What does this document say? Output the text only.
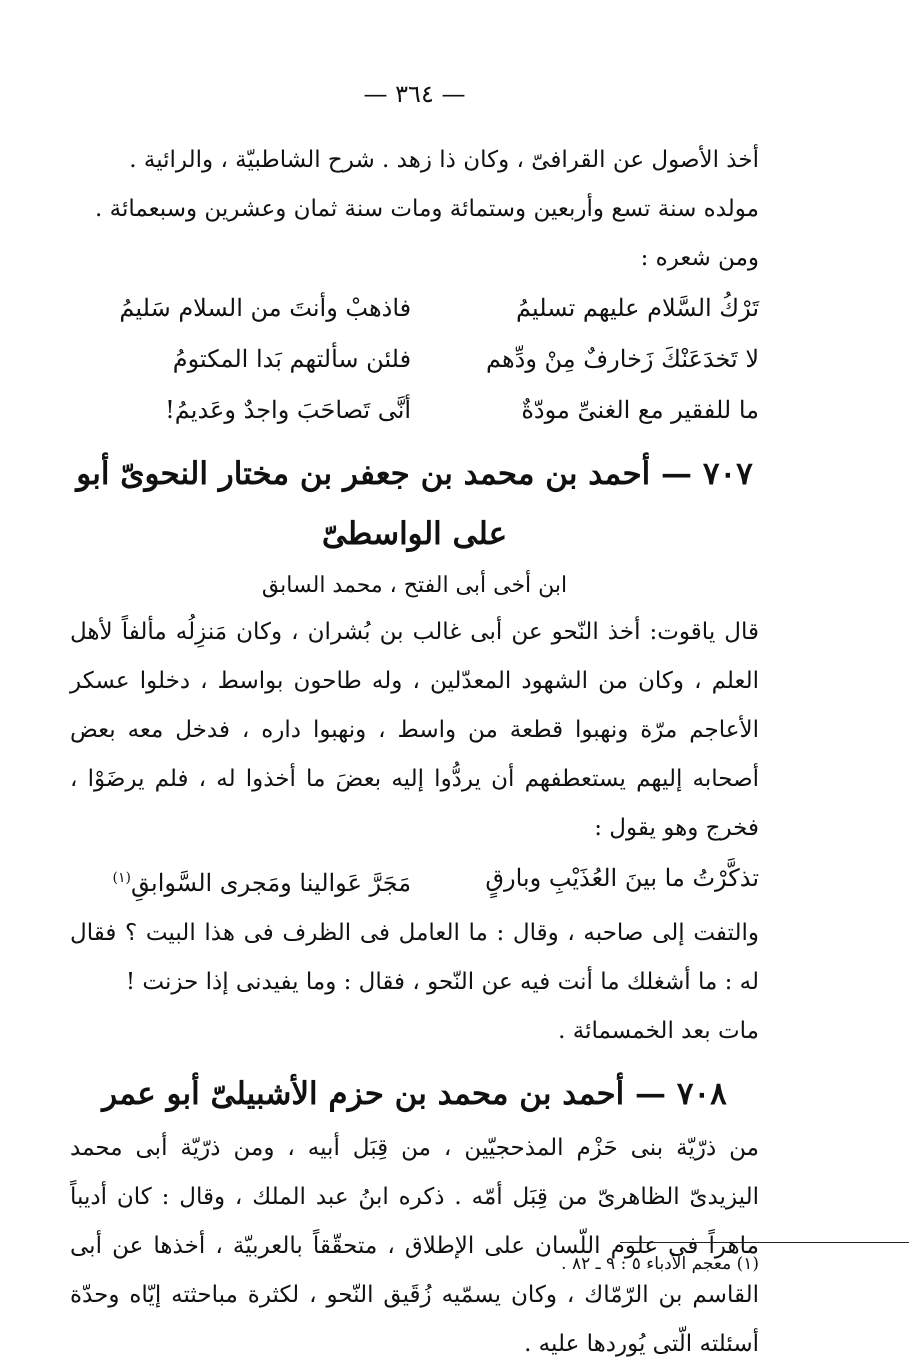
— ٣٦٤ —

أخذ الأصول عن القرافىّ ، وكان ذا زهد . شرح الشاطبيّة ، والرائية .

مولده سنة تسع وأربعين وستمائة ومات سنة ثمان وعشرين وسبعمائة .

ومن شعره :

تَرْكُ السَّلام عليهم تسليمُ
فاذهبْ وأنتَ من السلام سَليمُ
لا تَخدَعَنْكَ زَخارفٌ مِنْ ودِّهم
فلئن سألتهم بَدا المكتومُ
ما للفقير مع الغنىِّ مودّةٌ
أنَّى تَصاحَبَ واجدٌ وعَديمُ!
٧٠٧ — أحمد بن محمد بن جعفر بن مختار النحوىّ أبو على الواسطىّ
ابن أخى أبى الفتح ، محمد السابق

قال ياقوت: أخذ النّحو عن أبى غالب بن بُشران ، وكان مَنزِلُه مألفاً لأهل العلم ، وكان من الشهود المعدّلين ، وله طاحون بواسط ، دخلوا عسكر الأعاجم مرّة ونهبوا قطعة من واسط ، ونهبوا داره ، فدخل معه بعض أصحابه إليهم يستعطفهم أن يردُّوا إليه بعضَ ما أخذوا له ، فلم يرضَوْا ، فخرج وهو يقول :

تذكَّرْتُ ما بينَ العُذَيْبِ وبارقٍ
مَجَرَّ عَوالينا ومَجرى السَّوابقِ$^{(١)}$

والتفت إلى صاحبه ، وقال : ما العامل فى الظرف فى هذا البيت ؟ فقال له : ما أشغلك ما أنت فيه عن النّحو ، فقال : وما يفيدنى إذا حزنت !

مات بعد الخمسمائة .

٧٠٨ — أحمد بن محمد بن حزم الأشبيلىّ أبو عمر

من ذرّيّة بنى حَزْم المذحجيّين ، من قِبَل أبيه ، ومن ذرّيّة أبى محمد اليزيدىّ الظاهرىّ من قِبَل أمّه . ذكره ابنُ عبد الملك ، وقال : كان أديباً ماهراً فى علوم اللّسان على الإطلاق ، متحقّقاً بالعربيّة ، أخذها عن أبى القاسم بن الرّمّاك ، وكان يسمّيه زُقَيق النّحو ، لكثرة مباحثته إيّاه وحدّة أسئلته الّتى يُوردها عليه .

(١) معجم الأدباء ٥ : ٩ ـ ٨٢ .
